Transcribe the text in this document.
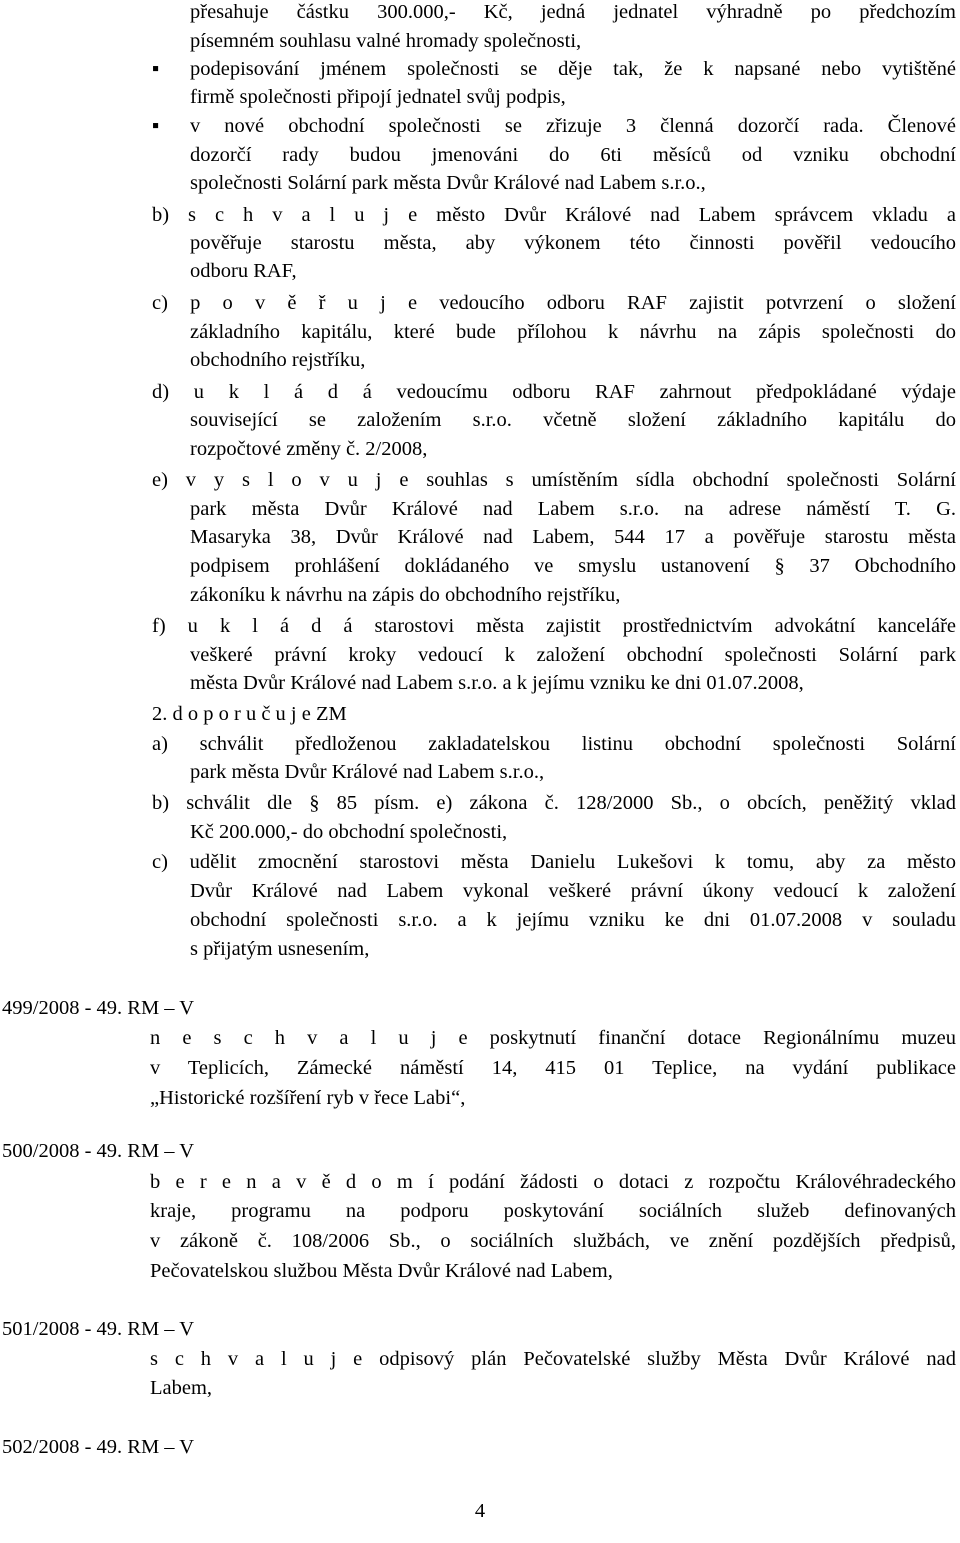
přesahuje částku 300.000,- Kč, jedná jednatel výhradně po předchozím
písemném souhlasu valné hromady společnosti,
▪ podepisování jménem společnosti se děje tak, že k napsané nebo vytištěné
firmě společnosti připojí jednatel svůj podpis,
▪ v nové obchodní společnosti se zřizuje 3 členná dozorčí rada. Členové
dozorčí rady budou jmenováni do 6ti měsíců od vzniku obchodní
společnosti Solární park města Dvůr Králové nad Labem s.r.o.,
b) s c h v a l u j e město Dvůr Králové nad Labem správcem vkladu a
pověřuje starostu města, aby výkonem této činnosti pověřil vedoucího
odboru RAF,
c) p o v ě ř u j e vedoucího odboru RAF zajistit potvrzení o složení
základního kapitálu, které bude přílohou k návrhu na zápis společnosti do
obchodního rejstříku,
d) u k l á d á vedoucímu odboru RAF zahrnout předpokládané výdaje
související se založením s.r.o. včetně složení základního kapitálu do
rozpočtové změny č. 2/2008,
e) v y s l o v u j e souhlas s umístěním sídla obchodní společnosti Solární
park města Dvůr Králové nad Labem s.r.o. na adrese náměstí T. G.
Masaryka 38, Dvůr Králové nad Labem, 544 17 a pověřuje starostu města
podpisem prohlášení dokládaného ve smyslu ustanovení § 37 Obchodního
zákoníku k návrhu na zápis do obchodního rejstříku,
f) u k l á d á starostovi města zajistit prostřednictvím advokátní kanceláře
veškeré právní kroky vedoucí k založení obchodní společnosti Solární park
města Dvůr Králové nad Labem s.r.o. a k jejímu vzniku ke dni 01.07.2008,
2. d o p o r u č u j e ZM
a) schválit předloženou zakladatelskou listinu obchodní společnosti Solární
park města Dvůr Králové nad Labem s.r.o.,
b) schválit dle § 85 písm. e) zákona č. 128/2000 Sb., o obcích, peněžitý vklad
Kč 200.000,- do obchodní společnosti,
c) udělit zmocnění starostovi města Danielu Lukešovi k tomu, aby za město
Dvůr Králové nad Labem vykonal veškeré právní úkony vedoucí k založení
obchodní společnosti s.r.o. a k jejímu vzniku ke dni 01.07.2008 v souladu
s přijatým usnesením,
499/2008 - 49. RM – V
n e s c h v a l u j e poskytnutí finanční dotace Regionálnímu muzeu
v Teplicích, Zámecké náměstí 14, 415 01 Teplice, na vydání publikace
„Historické rozšíření ryb v řece Labi“,
500/2008 - 49. RM – V
b e r e n a v ě d o m í podání žádosti o dotaci z rozpočtu Královéhradeckého
kraje, programu na podporu poskytování sociálních služeb definovaných
v zákoně č. 108/2006 Sb., o sociálních službách, ve znění pozdějších předpisů,
Pečovatelskou službou Města Dvůr Králové nad Labem,
501/2008 - 49. RM – V
s c h v a l u j e odpisový plán Pečovatelské služby Města Dvůr Králové nad
Labem,
502/2008 - 49. RM – V
4
